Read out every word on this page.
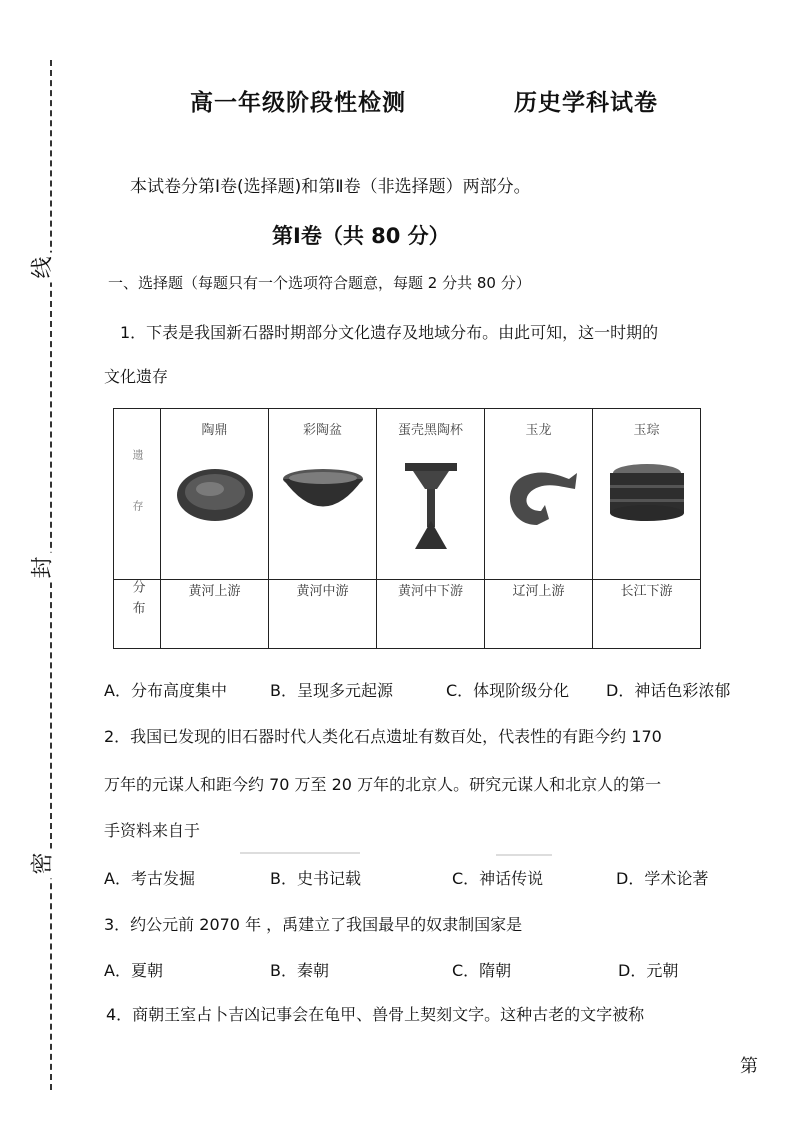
线
封
密
高一年级阶段性检测	历史学科试卷
本试卷分第Ⅰ卷(选择题)和第Ⅱ卷（非选择题）两部分。
第Ⅰ卷（共 80 分）
一、选择题（每题只有一个选项符合题意，每题 2 分共 80 分）
1．下表是我国新石器时期部分文化遗存及地域分布。由此可知，这一时期的
文化遗存
遗存	陶鼎	彩陶盆	蛋壳黑陶杯	玉龙	玉琮

分布	黄河上游	黄河中游	黄河中下游	辽河上游	长江下游
A．分布高度集中	B．呈现多元起源	C．体现阶级分化 D．神话色彩浓郁
2．我国已发现的旧石器时代人类化石点遗址有数百处，代表性的有距今约 170
万年的元谋人和距今约 70 万至 20 万年的北京人。研究元谋人和北京人的第一
手资料来自于
A．考古发掘	B．史书记载	C．神话传说	D．学术论著
3．约公元前 2070 年 ，禹建立了我国最早的奴隶制国家是
A．夏朝	B．秦朝	C．隋朝	D．元朝
4．商朝王室占卜吉凶记事会在龟甲、兽骨上契刻文字。这种古老的文字被称
第
